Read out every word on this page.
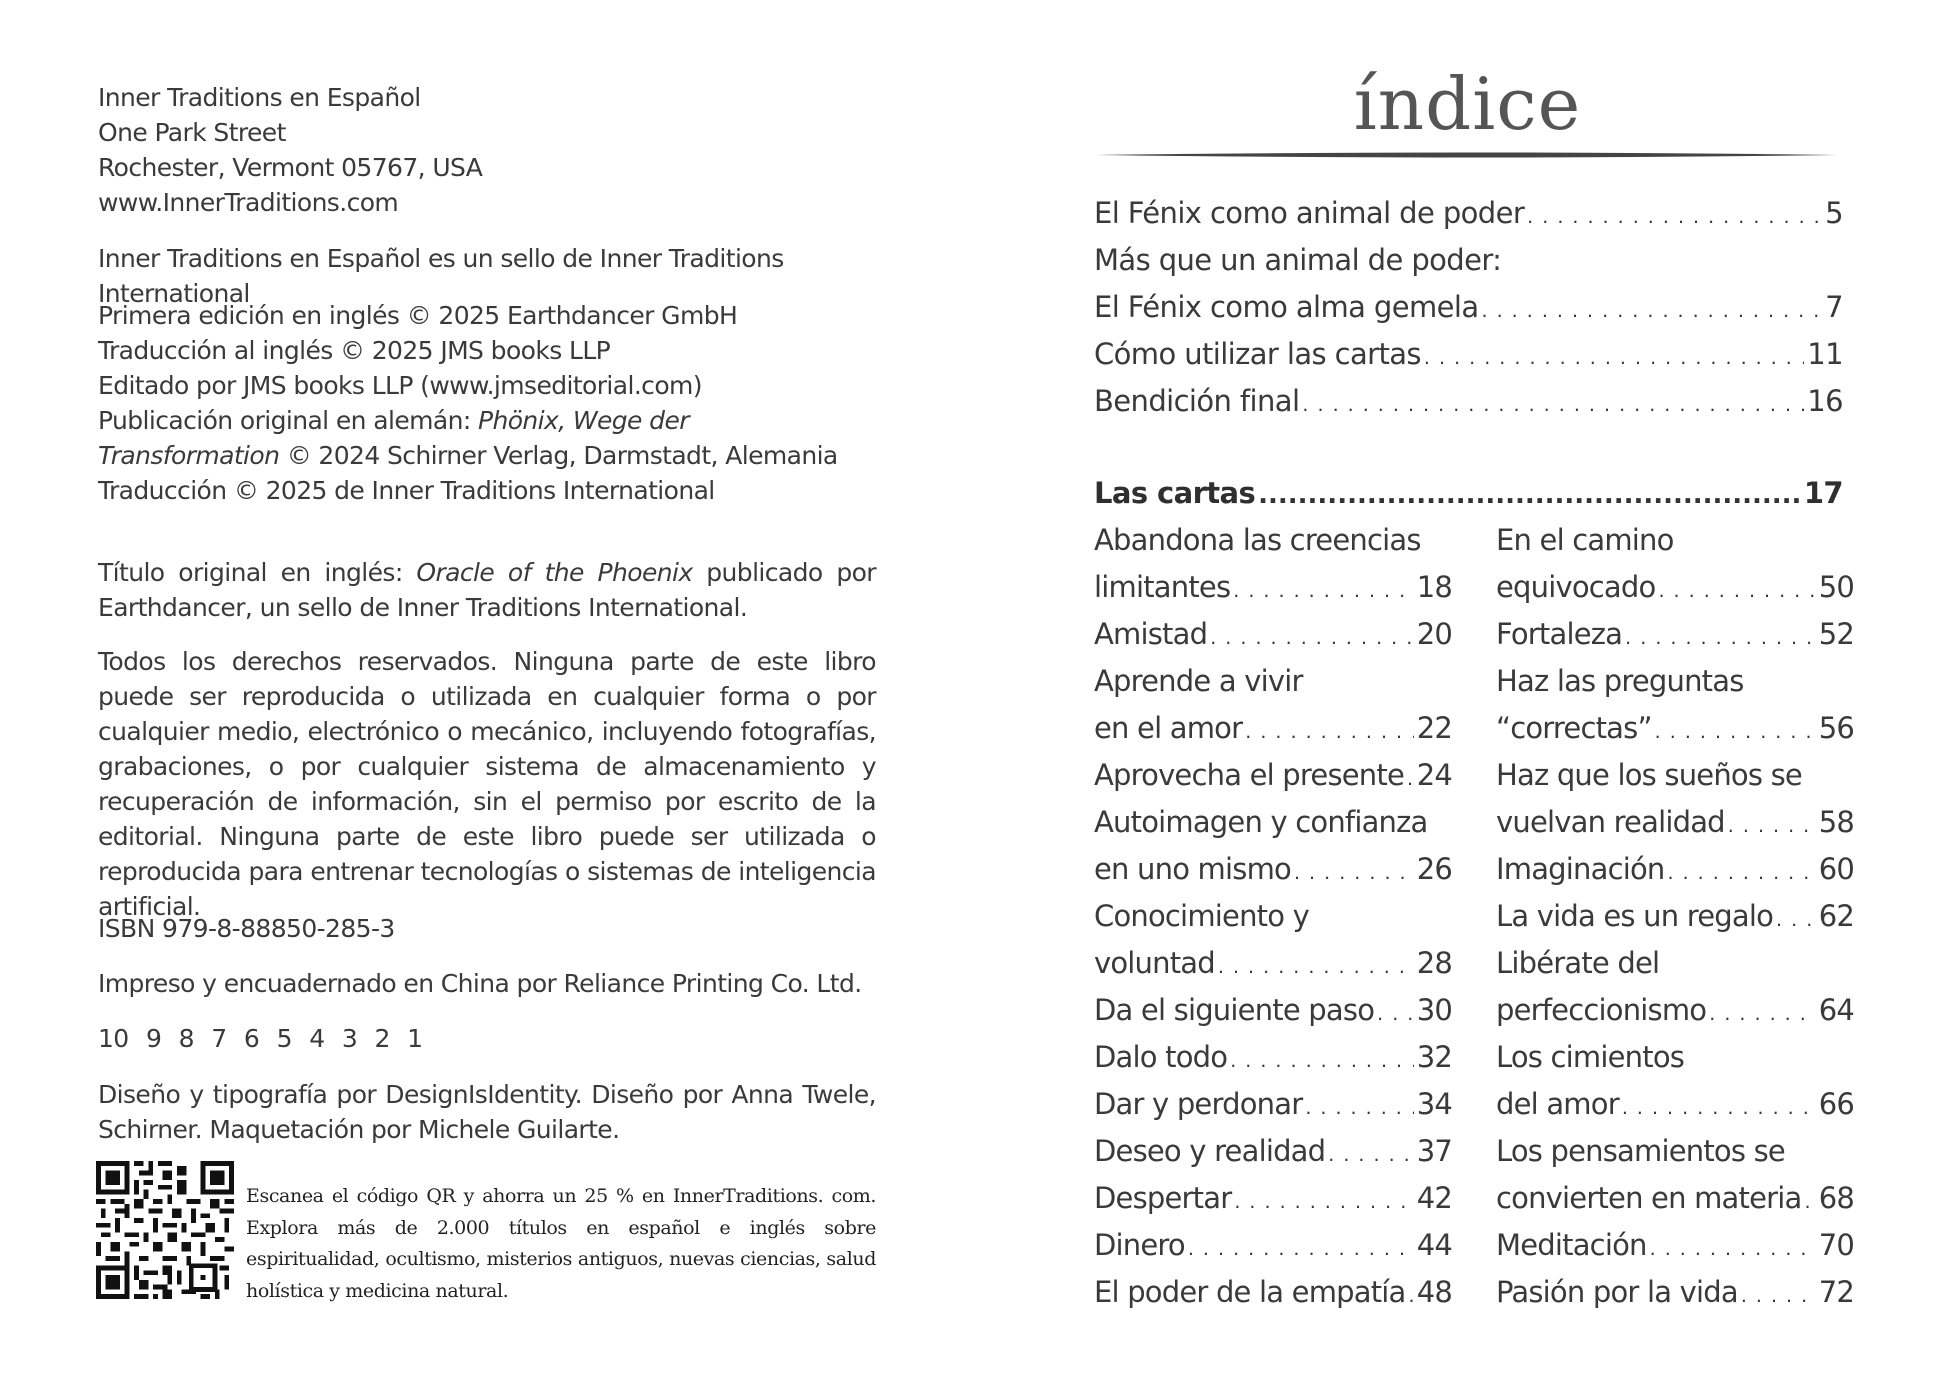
Inner Traditions en Español

One Park Street

Rochester, Vermont 05767, USA

www.InnerTraditions.com

Inner Traditions en Español es un sello de Inner Traditions International

Primera edición en inglés © 2025 Earthdancer GmbH

Traducción al inglés © 2025 JMS books LLP

Editado por JMS books LLP (www.jmseditorial.com)

Publicación original en alemán: Phönix, Wege der

Transformation © 2024 Schirner Verlag, Darmstadt, Alemania

Traducción © 2025 de Inner Traditions International

Título original en inglés: Oracle of the Phoenix publicado por Earthdancer, un sello de Inner Traditions International.

Todos los derechos reservados. Ninguna parte de este libro puede ser reproducida o utilizada en cualquier forma o por cualquier medio, electrónico o mecánico, incluyendo fotografías, grabaciones, o por cualquier sistema de almacenamiento y recuperación de información, sin el permiso por escrito de la editorial. Ninguna parte de este libro puede ser utilizada o reproducida para entrenar tecnologías o sistemas de inteligencia artificial.

ISBN 979-8-88850-285-3

Impreso y encuadernado en China por Reliance Printing Co. Ltd.

10 9 8 7 6 5 4 3 2 1

Diseño y tipografía por DesignIsIdentity. Diseño por Anna Twele, Schirner. Maquetación por Michele Guilarte.

Escanea el código QR y ahorra un 25 % en InnerTraditions. com. Explora más de 2.000 títulos en español e inglés sobre espiritualidad, ocultismo, misterios antiguos, nuevas ciencias, salud holística y medicina natural.

índice
El Fénix como animal de poder . . .	5
Más que un animal de poder:
El Fénix como alma gemela . . .	7
Cómo utilizar las cartas . . .	11
Bendición final . . .	16
Las cartas .....	17
Abandona las creencias
limitantes . . .	18
Amistad . . .	20
Aprende a vivir
en el amor . . .	22
Aprovecha el presente . . . 24
Autoimagen y confianza
en uno mismo . . .	26
Conocimiento y
voluntad . . .	28
Da el siguiente paso . . . 30
Dalo todo . . .	32
Dar y perdonar . . .	34
Deseo y realidad . . .	37
Despertar . . .	42
Dinero . . .	44
El poder de la empatía . . . 48
En el camino
equivocado . . .	50
Fortaleza . . .	52
Haz las preguntas
“correctas” . . .	56
Haz que los sueños se
vuelvan realidad . . .	58
Imaginación . . .	60
La vida es un regalo . . . 62
Libérate del
perfeccionismo . . .	64
Los cimientos
del amor . . .	66
Los pensamientos se
convierten en materia . . . 68
Meditación . . .	70
Pasión por la vida . . .	72
